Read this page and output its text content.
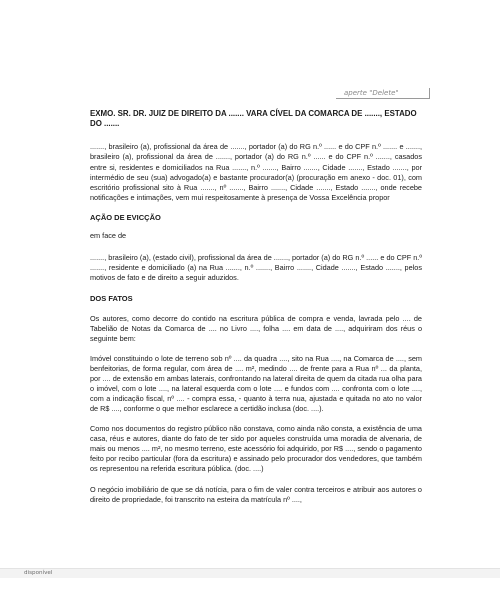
aperte "Delete"
EXMO. SR. DR. JUIZ DE DIREITO DA ....... VARA CÍVEL DA COMARCA DE ......., ESTADO DO .......

......., brasileiro (a), profissional da área de ......., portador (a) do RG n.º ...... e do CPF n.º ....... e ......., brasileiro (a), profissional da área de ......., portador (a) do RG n.º ...... e do CPF n.º ......., casados entre si, residentes e domiciliados na Rua ......., n.º ......., Bairro ......., Cidade ......., Estado ......., por intermédio de seu (sua) advogado(a) e bastante procurador(a) (procuração em anexo - doc. 01), com escritório profissional sito à Rua ......., nº ......., Bairro ......., Cidade ......., Estado ......., onde recebe notificações e intimações, vem mui respeitosamente à presença de Vossa Excelência propor

AÇÃO DE EVICÇÃO

em face de

......., brasileiro (a), (estado civil), profissional da área de ......., portador (a) do RG n.º ...... e do CPF n.º ......., residente e domiciliado (a) na Rua ......., n.º ......., Bairro ......., Cidade ......., Estado ......., pelos motivos de fato e de direito a seguir aduzidos.

DOS FATOS

Os autores, como decorre do contido na escritura pública de compra e venda, lavrada pelo .... de Tabelião de Notas da Comarca de .... no Livro ...., folha .... em data de ...., adquiriram dos réus o seguinte bem:

Imóvel constituindo o lote de terreno sob nº .... da quadra ...., sito na Rua ...., na Comarca de ...., sem benfeitorias, de forma regular, com área de .... m², medindo .... de frente para a Rua nº ... da planta, por .... de extensão em ambas laterais, confrontando na lateral direita de quem da citada rua olha para o imóvel, com o lote ...., na lateral esquerda com o lote .... e fundos com .... confronta com o lote ...., com a indicação fiscal, nº .... - compra essa, - quanto à terra nua, ajustada e quitada no ato no valor de R$ ...., conforme o que melhor esclarece a certidão inclusa (doc. ....).

Como nos documentos do registro público não constava, como ainda não consta, a existência de uma casa, réus e autores, diante do fato de ter sido por aqueles construída uma moradia de alvenaria, de mais ou menos .... m², no mesmo terreno, este acessório foi adquirido, por R$ ...., sendo o pagamento feito por recibo particular (fora da escritura) e assinado pelo procurador dos vendedores, que também os representou na referida escritura pública. (doc. ....)

O negócio imobiliário de que se dá notícia, para o fim de valer contra terceiros e atribuir aos autores o direito de propriedade, foi transcrito na esteira da matrícula nº ....,

disponível
